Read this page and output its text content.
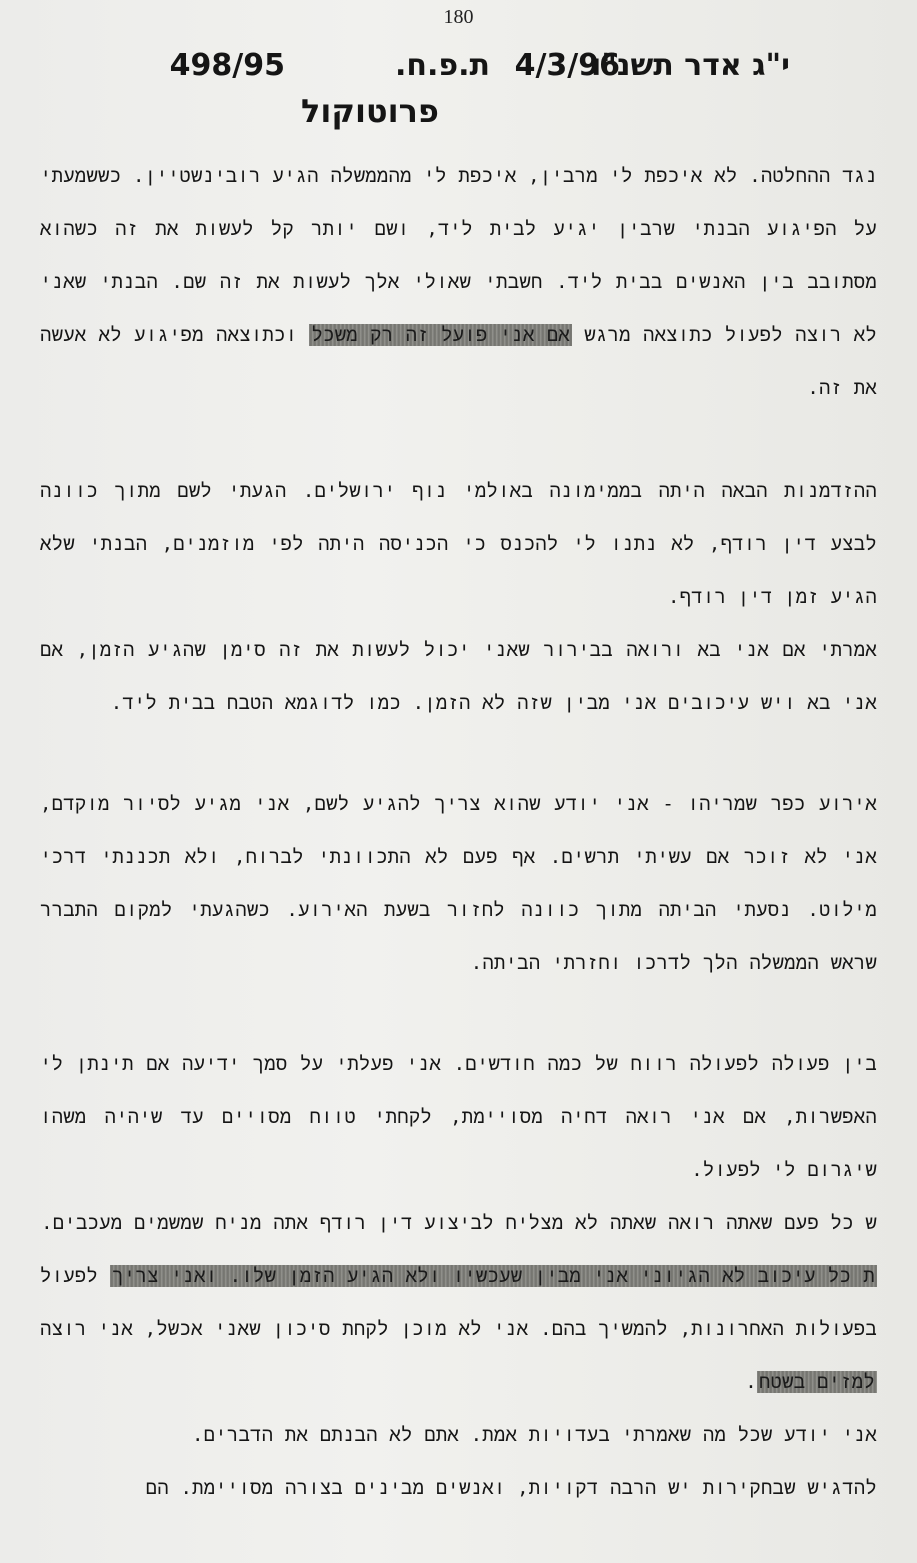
180
י"ג אדר תשנ"ו
4/3/96
ת.פ.ח.
498/95
פרוטוקול

נגד ההחלטה. לא איכפת לי מרבין, איכפת לי מהממשלה הגיע רובינשטיין. כששמעתי על הפיגוע הבנתי שרבין יגיע לבית ליד, ושם יותר קל לעשות את זה כשהוא מסתובב בין האנשים בבית ליד. חשבתי שאולי אלך לעשות את זה שם. הבנתי שאני לא רוצה לפעול כתוצאה מרגש אם אני פועל זה רק משכל וכתוצאה מפיגוע לא אעשה את זה.

ההזדמנות הבאה היתה בממימונה באולמי נוף ירושלים. הגעתי לשם מתוך כוונה לבצע דין רודף, לא נתנו לי להכנס כי הכניסה היתה לפי מוזמנים, הבנתי שלא הגיע זמן דין רודף.

אמרתי אם אני בא ורואה בבירור שאני יכול לעשות את זה סימן שהגיע הזמן, אם אני בא ויש עיכובים אני מבין שזה לא הזמן. כמו לדוגמא הטבח בבית ליד.

אירוע כפר שמריהו - אני יודע שהוא צריך להגיע לשם, אני מגיע לסיור מוקדם, אני לא זוכר אם עשיתי תרשים. אף פעם לא התכוונתי לברוח, ולא תכננתי דרכי מילוט. נסעתי הביתה מתוך כוונה לחזור בשעת האירוע. כשהגעתי למקום התברר שראש הממשלה הלך לדרכו וחזרתי הביתה.

בין פעולה לפעולה רווח של כמה חודשים. אני פעלתי על סמך ידיעה אם תינתן לי האפשרות, אם אני רואה דחיה מסויימת, לקחתי טווח מסויים עד שיהיה משהו שיגרום לי לפעול.

ש כל פעם שאתה רואה שאתה לא מצליח לביצוע דין רודף אתה מניח שמשמים מעכבים.

ת כל עיכוב לא הגיוני אני מבין שעכשיו ולא הגיע הזמן שלו. ואני צריך לפעול בפעולות האחרונות, להמשיך בהם. אני לא מוכן לקחת סיכון שאני אכשל, אני רוצה למזים בשטח.

אני יודע שכל מה שאמרתי בעדויות אמת. אתם לא הבנתם את הדברים.

להדגיש שבחקירות יש הרבה דקויות, ואנשים מבינים בצורה מסויימת. הם
